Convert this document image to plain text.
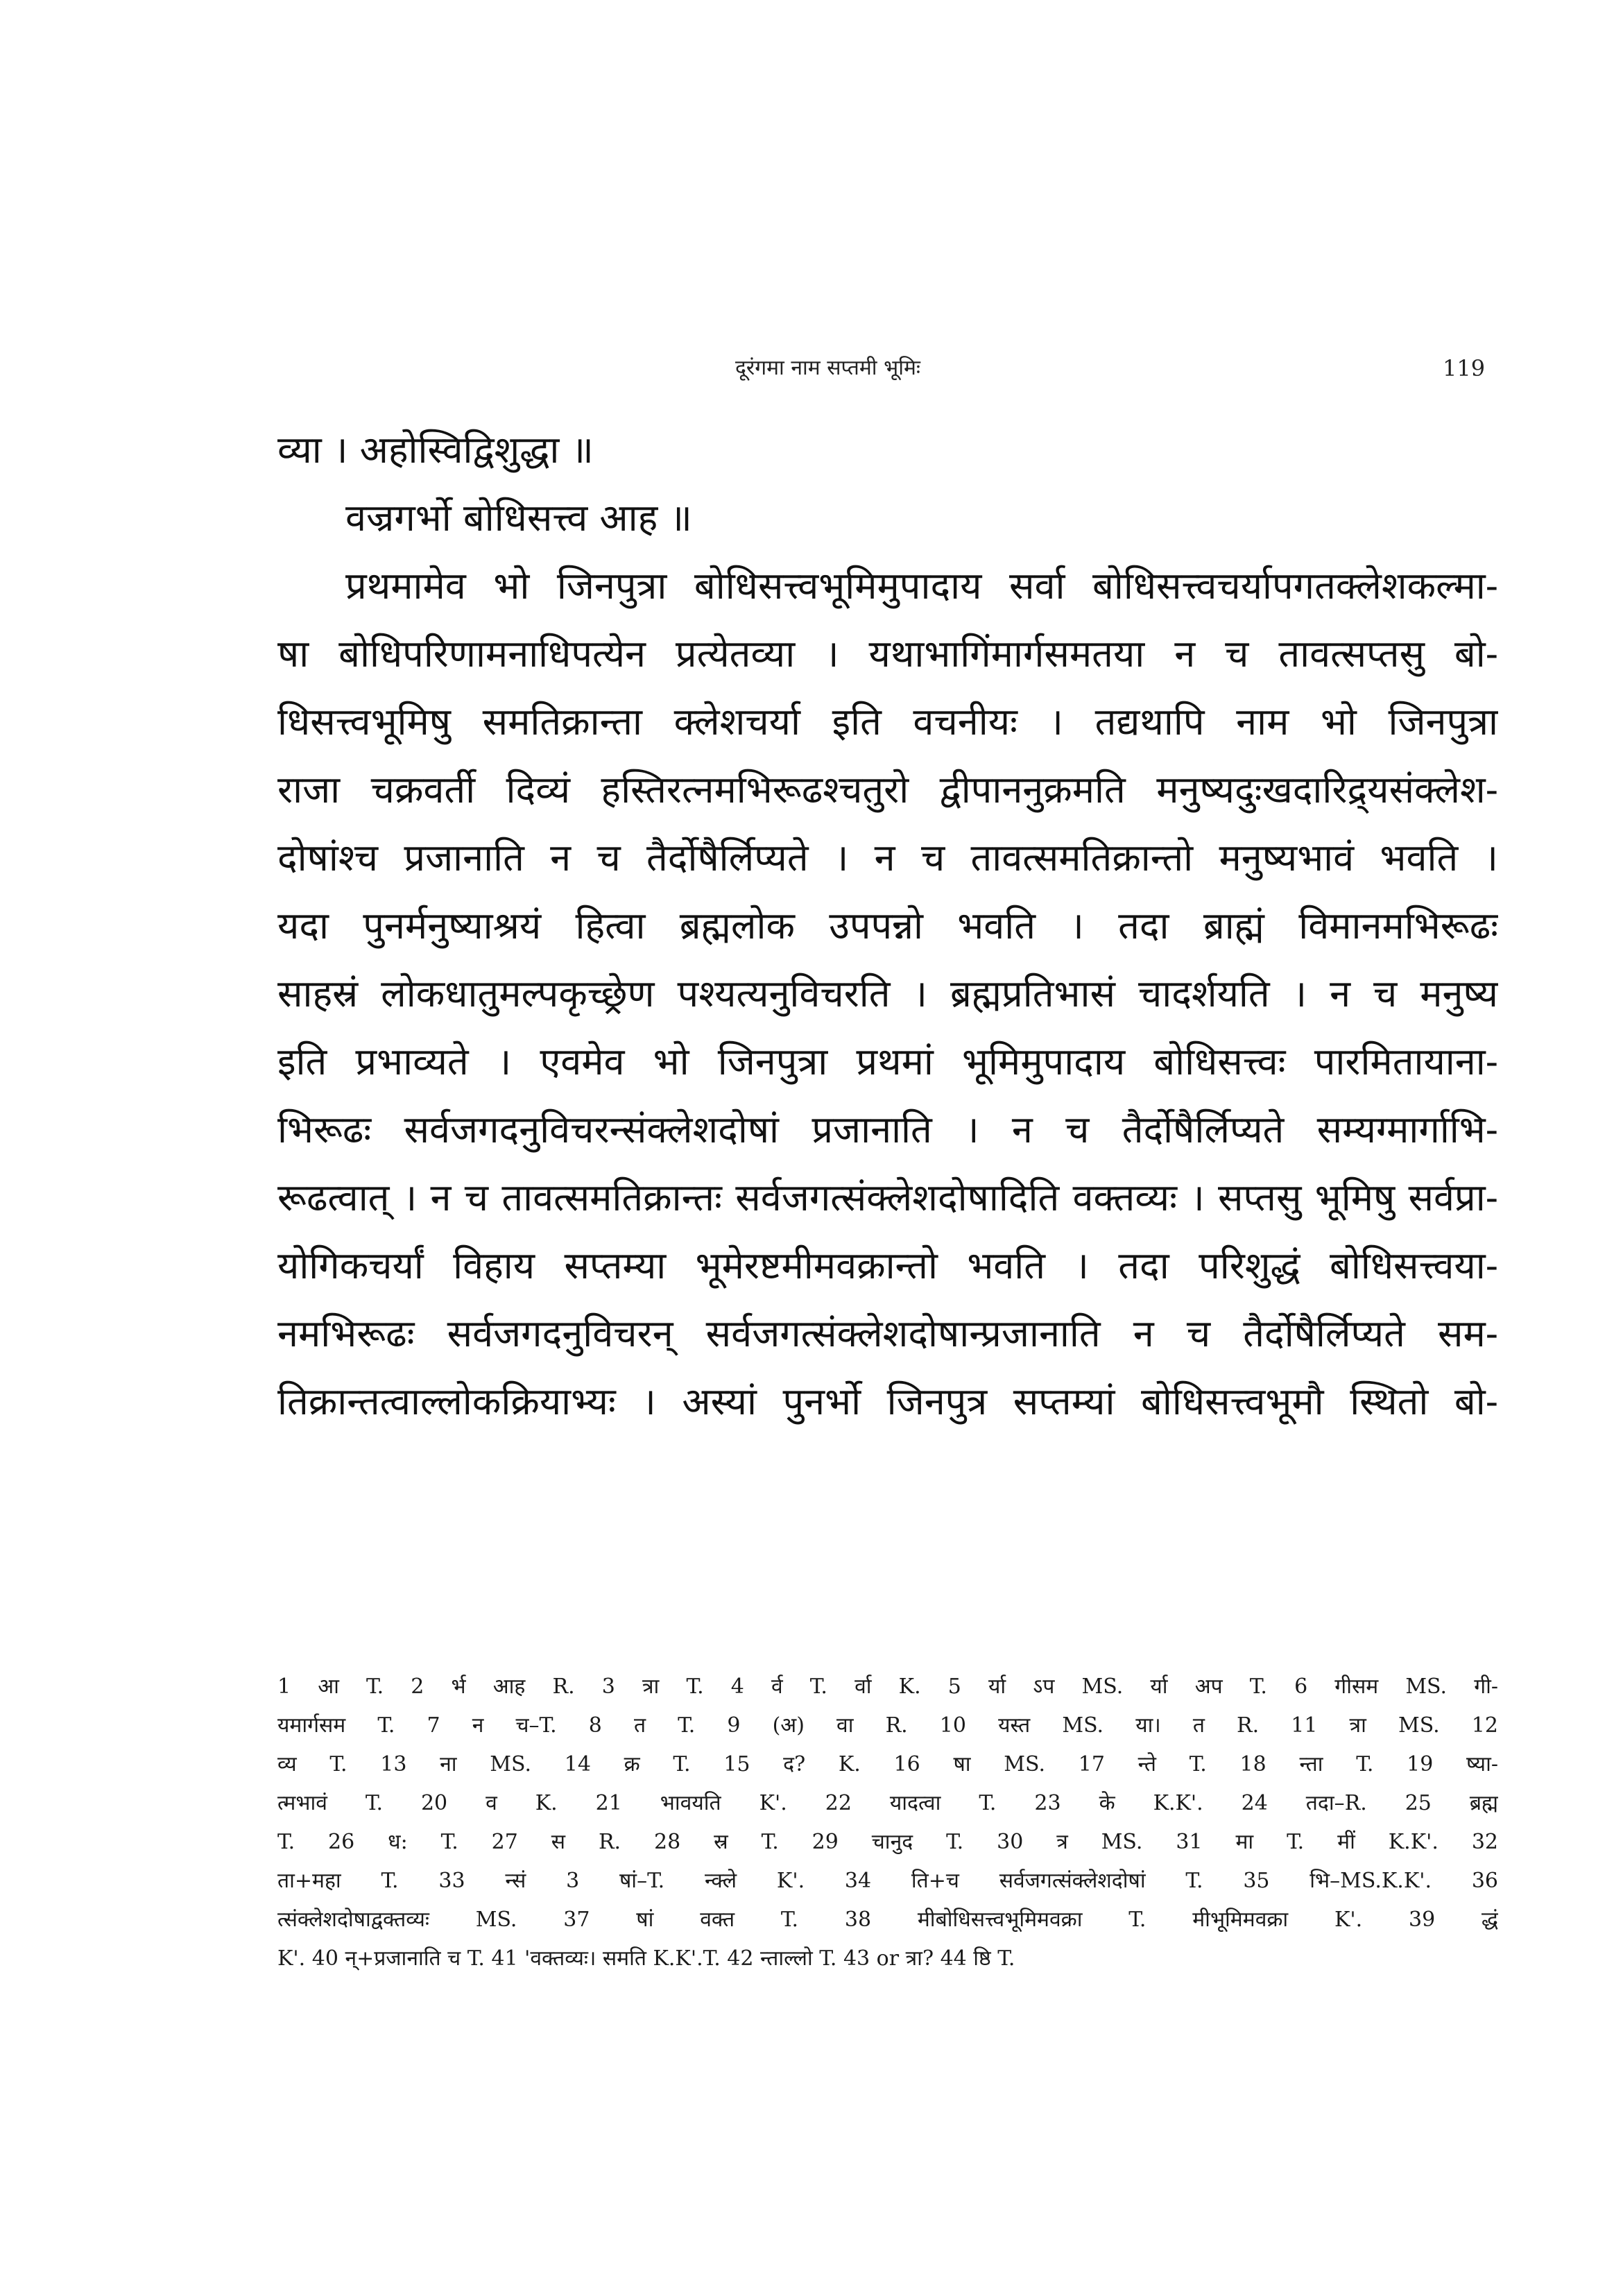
दूरंगमा नाम सप्तमी भूमिः	119
व्या । अहोस्विद्विशुद्धा ॥
वज्रगर्भो बोधिसत्त्व आह ॥
प्रथमामेव भो जिनपुत्रा बोधिसत्त्वभूमिमुपादाय सर्वा बोधिसत्त्वचर्यापगतक्लेशकल्मा-
षा बोधिपरिणामनाधिपत्येन प्रत्येतव्या । यथाभागिंमार्गसमतया न च तावत्सप्तसु बो-
धिसत्त्वभूमिषु समतिक्रान्ता क्लेशचर्या इति वचनीयः । तद्यथापि नाम भो जिनपुत्रा
राजा चक्रवर्ती दिव्यं हस्तिरत्नमभिरूढश्चतुरो द्वीपाननुक्रमति मनुष्यदुःखदारिद्र्यसंक्लेश-
दोषांश्च प्रजानाति न च तैर्दोषैर्लिप्यते । न च तावत्समतिक्रान्तो मनुष्यभावं भवति ।
यदा पुनर्मनुष्याश्रयं हित्वा ब्रह्मलोक उपपन्नो भवति । तदा ब्राह्मं विमानमभिरूढः
साहस्रं लोकधातुमल्पकृच्छ्रेण पश्यत्यनुविचरति । ब्रह्मप्रतिभासं चादर्शयति । न च मनुष्य
इति प्रभाव्यते । एवमेव भो जिनपुत्रा प्रथमां भूमिमुपादाय बोधिसत्त्वः पारमितायाना-
भिरूढः सर्वजगदनुविचरन्संक्लेशदोषां प्रजानाति । न च तैर्दोषैर्लिप्यते सम्यग्मार्गाभि-
रूढत्वात् । न च तावत्समतिक्रान्तः सर्वजगत्संक्लेशदोषादिति वक्तव्यः । सप्तसु भूमिषु सर्वप्रा-
योगिकचर्यां विहाय सप्तम्या भूमेरष्टमीमवक्रान्तो भवति । तदा परिशुद्धं बोधिसत्त्वया-
नमभिरूढः सर्वजगदनुविचरन् सर्वजगत्संक्लेशदोषान्प्रजानाति न च तैर्दोषैर्लिप्यते सम-
तिक्रान्तत्वाल्लोकक्रियाभ्यः । अस्यां पुनर्भो जिनपुत्र सप्तम्यां बोधिसत्त्वभूमौ स्थितो बो-
1 आ T. 2 र्भ आह R. 3 त्रा T. 4 र्व T. र्वा K. 5 र्या ऽप MS. र्या अप T. 6 गीसम MS. गी-
यमार्गसम T. 7 न च–T. 8 त T. 9 (अ) वा R. 10 यस्त MS. या। त R. 11 त्रा MS. 12
व्य T. 13 ना MS. 14 क्र T. 15 द? K. 16 षा MS. 17 न्ते T. 18 न्ता T. 19 ष्या-
त्मभावं T. 20 व K. 21 भावयति K'. 22 यादत्वा T. 23 के K.K'. 24 तदा–R. 25 ब्रह्म
T. 26 ध: T. 27 स R. 28 स्र T. 29 चानुद T. 30 त्र MS. 31 मा T. मीं K.K'. 32
ता+महा T. 33 न्सं 3 षां–T. न्क्ले K'. 34 ति+च सर्वजगत्संक्लेशदोषां T. 35 भि–MS.K.K'. 36
त्संक्लेशदोषाद्वक्तव्यः MS. 37 षां वक्त T. 38 मीबोधिसत्त्वभूमिमवक्रा T. मीभूमिमवक्रा K'. 39 द्धं
K'. 40 न्+प्रजानाति च T. 41 'वक्तव्यः। समति K.K'.T. 42 न्ताल्लो T. 43 or त्रा? 44 ष्ठि T.
